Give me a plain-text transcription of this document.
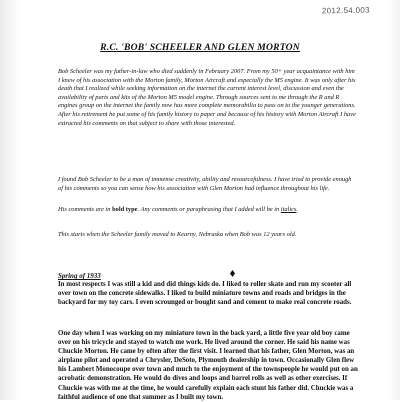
2012.54.003
R.C. 'BOB' SCHEELER AND GLEN MORTON

Bob Scheeler was my father-in-law who died suddenly in February 2007. From my 50+ year acquaintance with him I knew of his association with the Morton family, Morton Aircraft and especially the M5 engine. It was only after his death that I realized while seeking information on the internet the current interest level, discussion and even the availability of parts and kits of the Morton M5 model engine. Through sources sent to me through the R and R engines group on the internet the family now has more complete memorabilia to pass on to the younger generations. After his retirement he put some of his family history to paper and because of his history with Morton Aircraft I have extracted his comments on that subject to share with those interested.

I found Bob Scheeler to be a man of immense creativity, ability and resourcefulness. I have tried to provide enough of his comments so you can sense how his association with Glen Morton had influence throughout his life.

His comments are in bold type. Any comments or paraphrasing that I added will be in italics.

This starts when the Scheeler family moved to Kearny, Nebraska when Bob was 12 years old.

Spring of 1933

In most respects I was still a kid and did things kids do. I liked to roller skate and run my scooter all over town on the concrete sidewalks. I liked to build miniature towns and roads and bridges in the backyard for my toy cars. I even scrounged or bought sand and cement to make real concrete roads.

One day when I was working on my miniature town in the back yard, a little five year old boy came over on his tricycle and stayed to watch me work. He lived around the corner. He said his name was Chuckie Morton. He came by often after the first visit. I learned that his father, Glen Morton, was an airplane pilot and operated a Chrysler, DeSoto, Plymouth dealership in town. Occasionally Glen flew his Lambert Monocoupe over town and much to the enjoyment of the townspeople he would put on an acrobatic demonstration. He would do dives and loops and barrel rolls as well as other exercises. If Chuckie was with me at the time, he would carefully explain each stunt his father did. Chuckie was a faithful audience of one that summer as I built my town.
